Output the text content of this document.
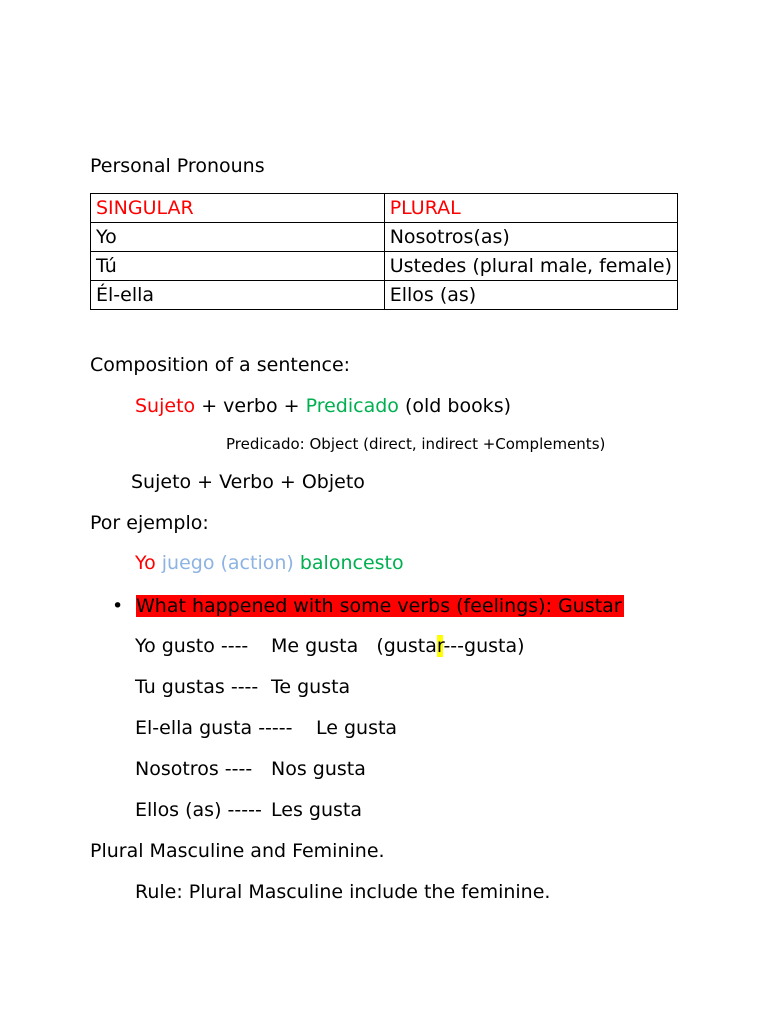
Personal Pronouns
SINGULAR	PLURAL
Yo	Nosotros(as)
Tú	Ustedes (plural male, female)
Él-ella	Ellos (as)
Composition of a sentence:
Sujeto + verbo + Predicado (old books)
Predicado: Object (direct, indirect +Complements)
Sujeto + Verbo + Objeto
Por ejemplo:
Yo juego (action) baloncesto
• What happened with some verbs (feelings): Gustar
Yo gusto ---- Me gusta   (gustar---gusta)
Tu gustas ---- Te gusta
El-ella gusta ----- Le gusta
Nosotros ---- Nos gusta
Ellos (as) ----- Les gusta
Plural Masculine and Feminine.
Rule: Plural Masculine include the feminine.
